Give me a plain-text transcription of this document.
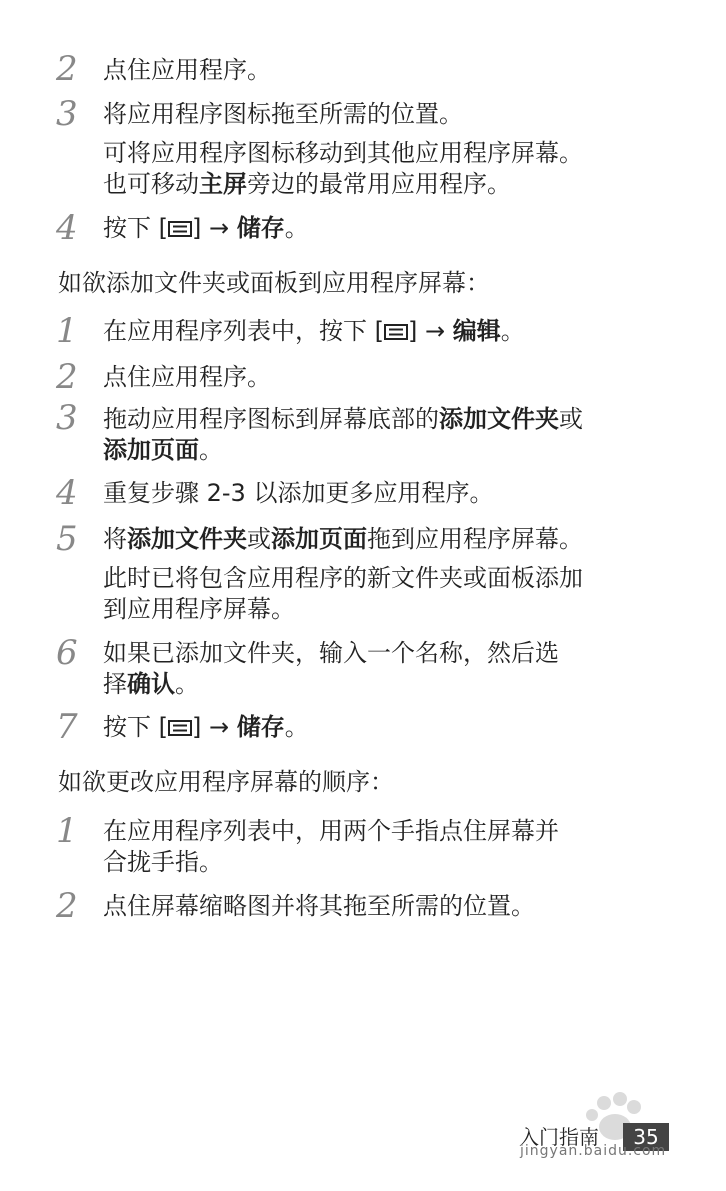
2	点住应用程序。
3	将应用程序图标拖至所需的位置。
可将应用程序图标移动到其他应用程序屏幕。
也可移动主屏旁边的最常用应用程序。
4	按下 [ ] → 储存。
如欲添加文件夹或面板到应用程序屏幕：
1	在应用程序列表中，按下 [ ] → 编辑。
2	点住应用程序。
3	拖动应用程序图标到屏幕底部的添加文件夹或
添加页面。
4	重复步骤 2-3 以添加更多应用程序。
5	将添加文件夹或添加页面拖到应用程序屏幕。
此时已将包含应用程序的新文件夹或面板添加
到应用程序屏幕。
6	如果已添加文件夹，输入一个名称，然后选
择确认。
7	按下 [ ] → 储存。
如欲更改应用程序屏幕的顺序：
1	在应用程序列表中，用两个手指点住屏幕并
合拢手指。
2	点住屏幕缩略图并将其拖至所需的位置。
入门指南	35
jingyan.baidu.com
